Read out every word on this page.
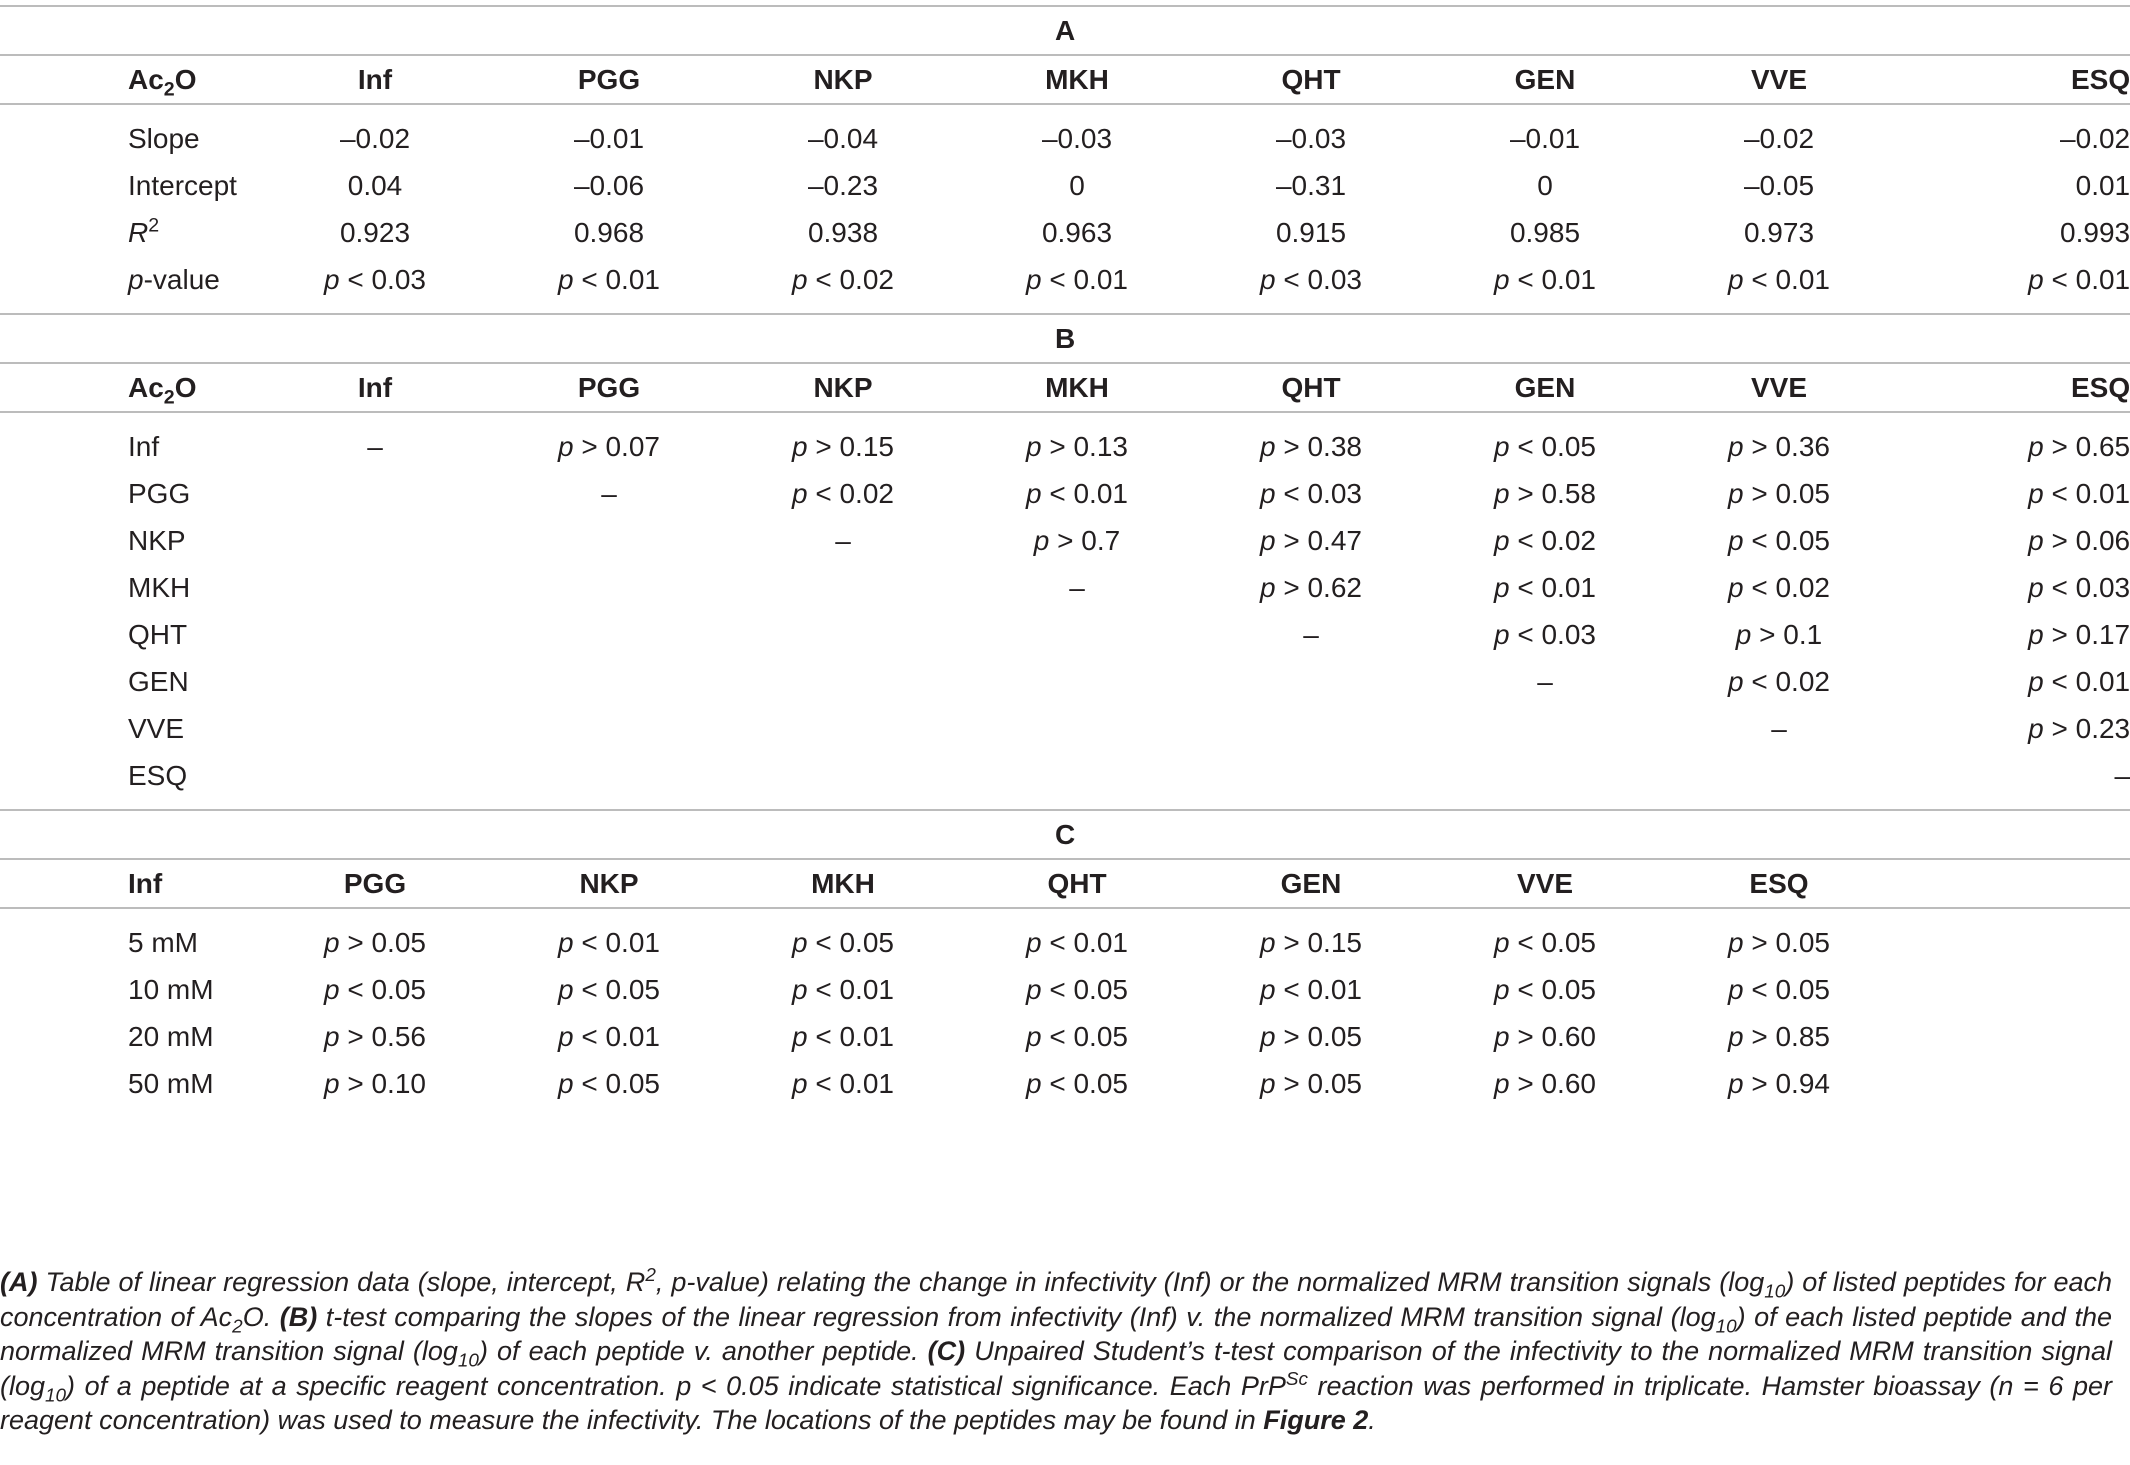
A								
$Ac_2O$	Inf	PGG	NKP	MKH	QHT	GEN	VVE	ESQ
Slope	–0.02	–0.01	–0.04	–0.03	–0.03	–0.01	–0.02	–0.02
Intercept	0.04	–0.06	–0.23	0	–0.31	0	–0.05	0.01
$R^2$	0.923	0.968	0.938	0.963	0.915	0.985	0.973	0.993
p-value	p < 0.03	p < 0.01	p < 0.02	p < 0.01	p < 0.03	p < 0.01	p < 0.01	p < 0.01
B								
$Ac_2O$	Inf	PGG	NKP	MKH	QHT	GEN	VVE	ESQ
Inf	–	p > 0.07	p > 0.15	p > 0.13	p > 0.38	p < 0.05	p > 0.36	p > 0.65
PGG		–	p < 0.02	p < 0.01	p < 0.03	p > 0.58	p > 0.05	p < 0.01
NKP			–	p > 0.7	p > 0.47	p < 0.02	p < 0.05	p > 0.06
MKH				–	p > 0.62	p < 0.01	p < 0.02	p < 0.03
QHT					–	p < 0.03	p > 0.1	p > 0.17
GEN						–	p < 0.02	p < 0.01
VVE							–	p > 0.23
ESQ								–
C								
Inf	PGG	NKP	MKH	QHT	GEN	VVE	ESQ	
5 mM	p > 0.05	p < 0.01	p < 0.05	p < 0.01	p > 0.15	p < 0.05	p > 0.05	
10 mM	p < 0.05	p < 0.05	p < 0.01	p < 0.05	p < 0.01	p < 0.05	p < 0.05	
20 mM	p > 0.56	p < 0.01	p < 0.01	p < 0.05	p > 0.05	p > 0.60	p > 0.85	
50 mM	p > 0.10	p < 0.05	p < 0.01	p < 0.05	p > 0.05	p > 0.60	p > 0.94	
(A) Table of linear regression data (slope, intercept, $R^2$, p-value) relating the change in infectivity (Inf) or the normalized MRM transition signals $(\log_{10})$ of listed peptides for each concentration of $Ac_2O$. (B) t-test comparing the slopes of the linear regression from infectivity (Inf) v. the normalized MRM transition signal $(\log_{10})$ of each listed peptide and the normalized MRM transition signal $(\log_{10})$ of each peptide v. another peptide. (C) Unpaired Student’s t-test comparison of the infectivity to the normalized MRM transition signal $(\log_{10})$ of a peptide at a specific reagent concentration. p < 0.05 indicate statistical significance. Each PrP$^{Sc}$ reaction was performed in triplicate. Hamster bioassay (n = 6 per reagent concentration) was used to measure the infectivity. The locations of the peptides may be found in Figure 2.
